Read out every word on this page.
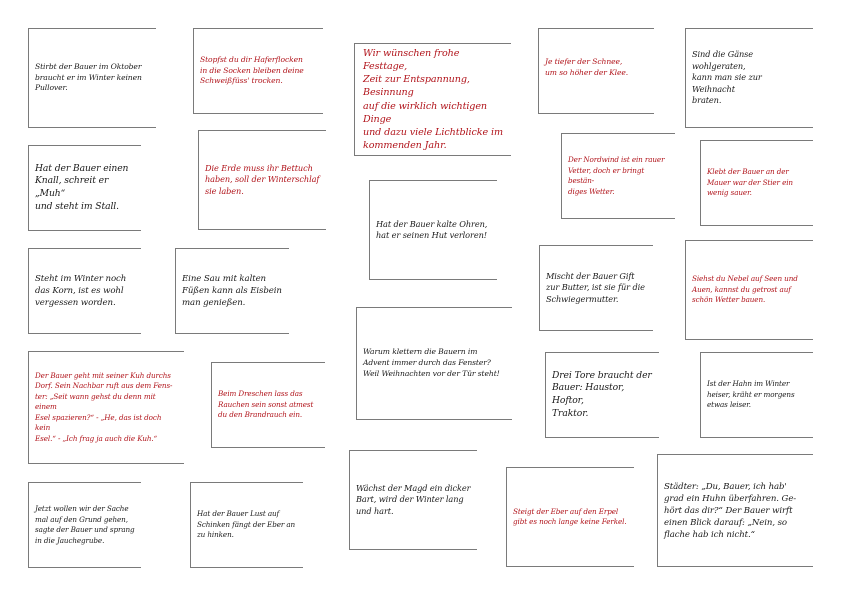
Stirbt der Bauer im Oktober
braucht er im Winter keinen
Pullover.
Stopfst du dir Haferflocken
in die Socken bleiben deine
Schweißfüss' trocken.
Wir wünschen frohe Festtage,
Zeit zur Entspannung, Besinnung
auf die wirklich wichtigen Dinge
und dazu viele Lichtblicke im
kommenden Jahr.
Je tiefer der Schnee,
um so höher der Klee.
Sind die Gänse wohlgeraten,
kann man sie zur Weihnacht
braten.
Hat der Bauer einen
Knall, schreit er „Muh“
und steht im Stall.
Die Erde muss ihr Bettuch
haben, soll der Winterschlaf
sie laben.
Der Nordwind ist ein rauer
Vetter, doch er bringt bestän-
diges Wetter.
Klebt der Bauer an der
Mauer war der Stier ein
wenig sauer.
Hat der Bauer kalte Ohren,
hat er seinen Hut verloren!
Steht im Winter noch
das Korn, ist es wohl
vergessen worden.
Eine Sau mit kalten
Füßen kann als Eisbein
man genießen.
Mischt der Bauer Gift
zur Butter, ist sie für die
Schwiegermutter.
Siehst du Nebel auf Seen und
Auen, kannst du getrost auf
schön Wetter bauen.
Warum klettern die Bauern im
Advent immer durch das Fenster?
Weil Weihnachten vor der Tür steht!
Der Bauer geht mit seiner Kuh durchs
Dorf. Sein Nachbar ruft aus dem Fens-
ter: „Seit wann gehst du denn mit einem
Esel spazieren?“ - „He, das ist doch kein
Esel.“ - „Ich frag ja auch die Kuh.“
Beim Dreschen lass das
Rauchen sein sonst atmest
du den Brandrauch ein.
Drei Tore braucht der
Bauer: Haustor, Hoftor,
Traktor.
Ist der Hahn im Winter
heiser, kräht er morgens
etwas leiser.
Wächst der Magd ein dicker
Bart, wird der Winter lang
und hart.
Städter: „Du, Bauer, ich hab'
grad ein Huhn überfahren. Ge-
hört das dir?“ Der Bauer wirft
einen Blick darauf: „Nein, so
flache hab ich nicht.“
Jetzt wollen wir der Sache
mal auf den Grund gehen,
sagte der Bauer und sprang
in die Jauchegrube.
Hat der Bauer Lust auf
Schinken fängt der Eber an
zu hinken.
Steigt der Eber auf den Erpel
gibt es noch lange keine Ferkel.
